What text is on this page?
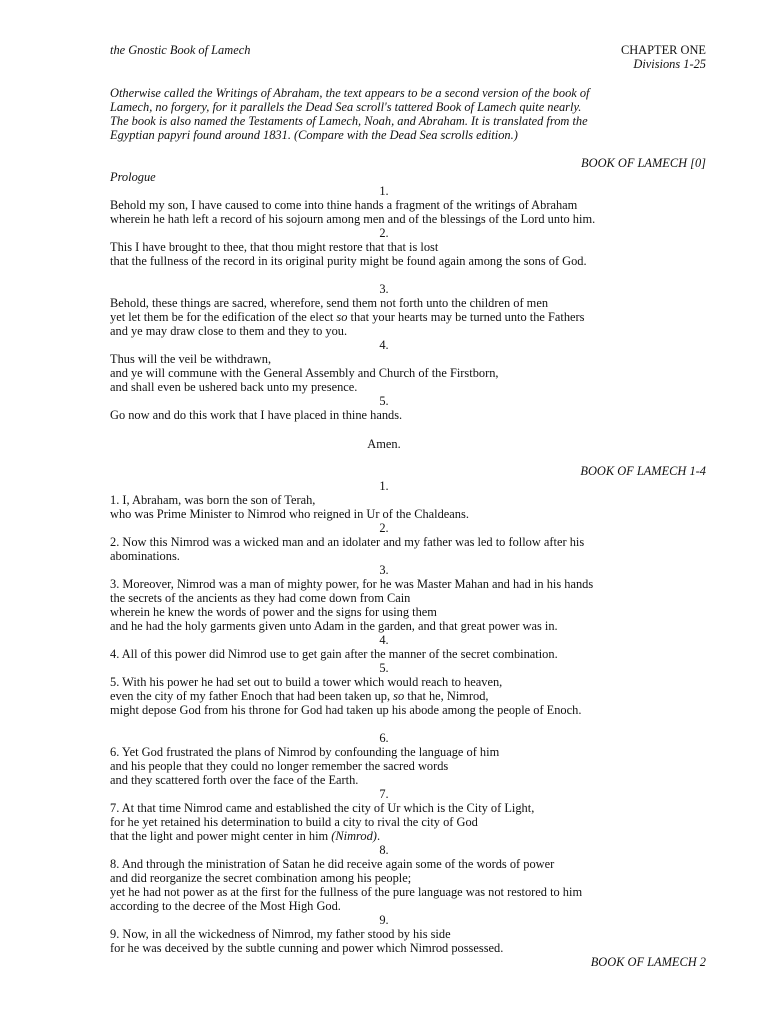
the Gnostic Book of Lamech	CHAPTER ONE
Divisions 1-25
Otherwise called the Writings of Abraham, the text appears to be a second version of the book of
Lamech, no forgery, for it parallels the Dead Sea scroll's tattered Book of Lamech quite nearly.
The book is also named the Testaments of Lamech, Noah, and Abraham. It is translated from the
Egyptian papyri found around 1831. (Compare with the Dead Sea scrolls edition.)
BOOK OF LAMECH [0]
Prologue
1.
Behold my son, I have caused to come into thine hands a fragment of the writings of Abraham
wherein he hath left a record of his sojourn among men and of the blessings of the Lord unto him.
2.
This I have brought to thee, that thou might restore that that is lost
that the fullness of the record in its original purity might be found again among the sons of God.
3.
Behold, these things are sacred, wherefore, send them not forth unto the children of men
yet let them be for the edification of the elect so that your hearts may be turned unto the Fathers
and ye may draw close to them and they to you.
4.
Thus will the veil be withdrawn,
and ye will commune with the General Assembly and Church of the Firstborn,
and shall even be ushered back unto my presence.
5.
Go now and do this work that I have placed in thine hands.
Amen.
BOOK OF LAMECH 1-4
1.
1. I, Abraham, was born the son of Terah,
who was Prime Minister to Nimrod who reigned in Ur of the Chaldeans.
2.
2. Now this Nimrod was a wicked man and an idolater and my father was led to follow after his
abominations.
3.
3. Moreover, Nimrod was a man of mighty power, for he was Master Mahan and had in his hands
the secrets of the ancients as they had come down from Cain
wherein he knew the words of power and the signs for using them
and he had the holy garments given unto Adam in the garden, and that great power was in.
4.
4. All of this power did Nimrod use to get gain after the manner of the secret combination.
5.
5. With his power he had set out to build a tower which would reach to heaven,
even the city of my father Enoch that had been taken up, so that he, Nimrod,
might depose God from his throne for God had taken up his abode among the people of Enoch.
6.
6. Yet God frustrated the plans of Nimrod by confounding the language of him
and his people that they could no longer remember the sacred words
and they scattered forth over the face of the Earth.
7.
7. At that time Nimrod came and established the city of Ur which is the City of Light,
for he yet retained his determination to build a city to rival the city of God
that the light and power might center in him (Nimrod).
8.
8. And through the ministration of Satan he did receive again some of the words of power
and did reorganize the secret combination among his people;
yet he had not power as at the first for the fullness of the pure language was not restored to him
according to the decree of the Most High God.
9.
9. Now, in all the wickedness of Nimrod, my father stood by his side
for he was deceived by the subtle cunning and power which Nimrod possessed.
BOOK OF LAMECH 2
